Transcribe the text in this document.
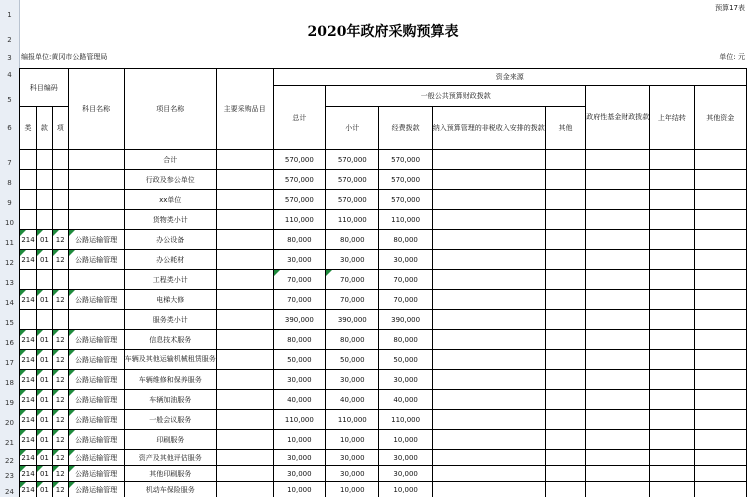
1
2
3
4
5
6
7
8
9
10
11
12
13
14
15
16
17
18
19
20
21
22
23
24
预算17表
2020年政府采购预算表
编报单位:黄冈市公路管理局	单位: 元
科目编码			科目名称	项目名称	主要采购品目	资金来源							
						总计	一般公共预算财政拨款				政府性基金财政拨款	上年结转	其他资金
类	款	项					小计	经费拨款	纳入预算管理的非税收入安排的拨款	其他			

				合计		570,000	570,000	570,000					
				行政及参公单位		570,000	570,000	570,000					
				xx单位		570,000	570,000	570,000					
				货物类小计		110,000	110,000	110,000					
214	01	12	公路运输管理	办公设备		80,000	80,000	80,000					
214	01	12	公路运输管理	办公耗材		30,000	30,000	30,000					
				工程类小计		70,000	70,000	70,000					
214	01	12	公路运输管理	电梯大修		70,000	70,000	70,000					
				服务类小计		390,000	390,000	390,000					
214	01	12	公路运输管理	信息技术服务		80,000	80,000	80,000					
214	01	12	公路运输管理	车辆及其他运输机械租赁服务		50,000	50,000	50,000					
214	01	12	公路运输管理	车辆维修和保养服务		30,000	30,000	30,000					
214	01	12	公路运输管理	车辆加油服务		40,000	40,000	40,000					
214	01	12	公路运输管理	一般会议服务		110,000	110,000	110,000					
214	01	12	公路运输管理	印刷服务		10,000	10,000	10,000					
214	01	12	公路运输管理	资产及其他评估服务		30,000	30,000	30,000					
214	01	12	公路运输管理	其他印刷服务		30,000	30,000	30,000					
214	01	12	公路运输管理	机动车保险服务		10,000	10,000	10,000					
